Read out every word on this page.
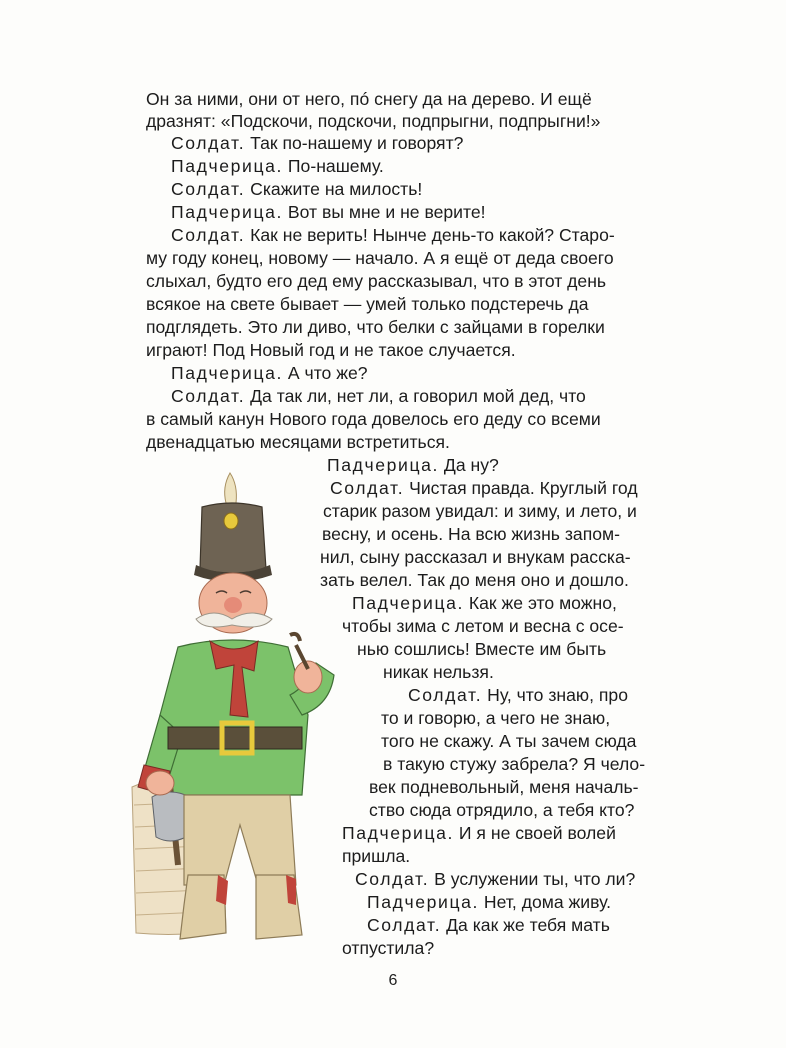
Он за ними, они от него, пó снегу да на дерево. И ещё
дразнят: «Подскочи, подскочи, подпрыгни, подпрыгни!»
Солдат. Так по-нашему и говорят?
Падчерица. По-нашему.
Солдат. Скажите на милость!
Падчерица. Вот вы мне и не верите!
Солдат. Как не верить! Нынче день-то какой? Старо-
му году конец, новому — начало. А я ещё от деда своего
слыхал, будто его дед ему рассказывал, что в этот день
всякое на свете бывает — умей только подстеречь да
подглядеть. Это ли диво, что белки с зайцами в горелки
играют! Под Новый год и не такое случается.
Падчерица. А что же?
Солдат. Да так ли, нет ли, а говорил мой дед, что
в самый канун Нового года довелось его деду со всеми
двенадцатью месяцами встретиться.
Падчерица. Да ну?
Солдат. Чистая правда. Круглый год
старик разом увидал: и зиму, и лето, и
весну, и осень. На всю жизнь запом-
нил, сыну рассказал и внукам расска-
зать велел. Так до меня оно и дошло.
Падчерица. Как же это можно,
чтобы зима с летом и весна с осе-
нью сошлись! Вместе им быть
никак нельзя.
Солдат. Ну, что знаю, про
то и говорю, а чего не знаю,
того не скажу. А ты зачем сюда
в такую стужу забрела? Я чело-
век подневольный, меня началь-
ство сюда отрядило, а тебя кто?
Падчерица. И я не своей волей
пришла.
Солдат. В услужении ты, что ли?
Падчерица. Нет, дома живу.
Солдат. Да как же тебя мать
отпустила?
6
